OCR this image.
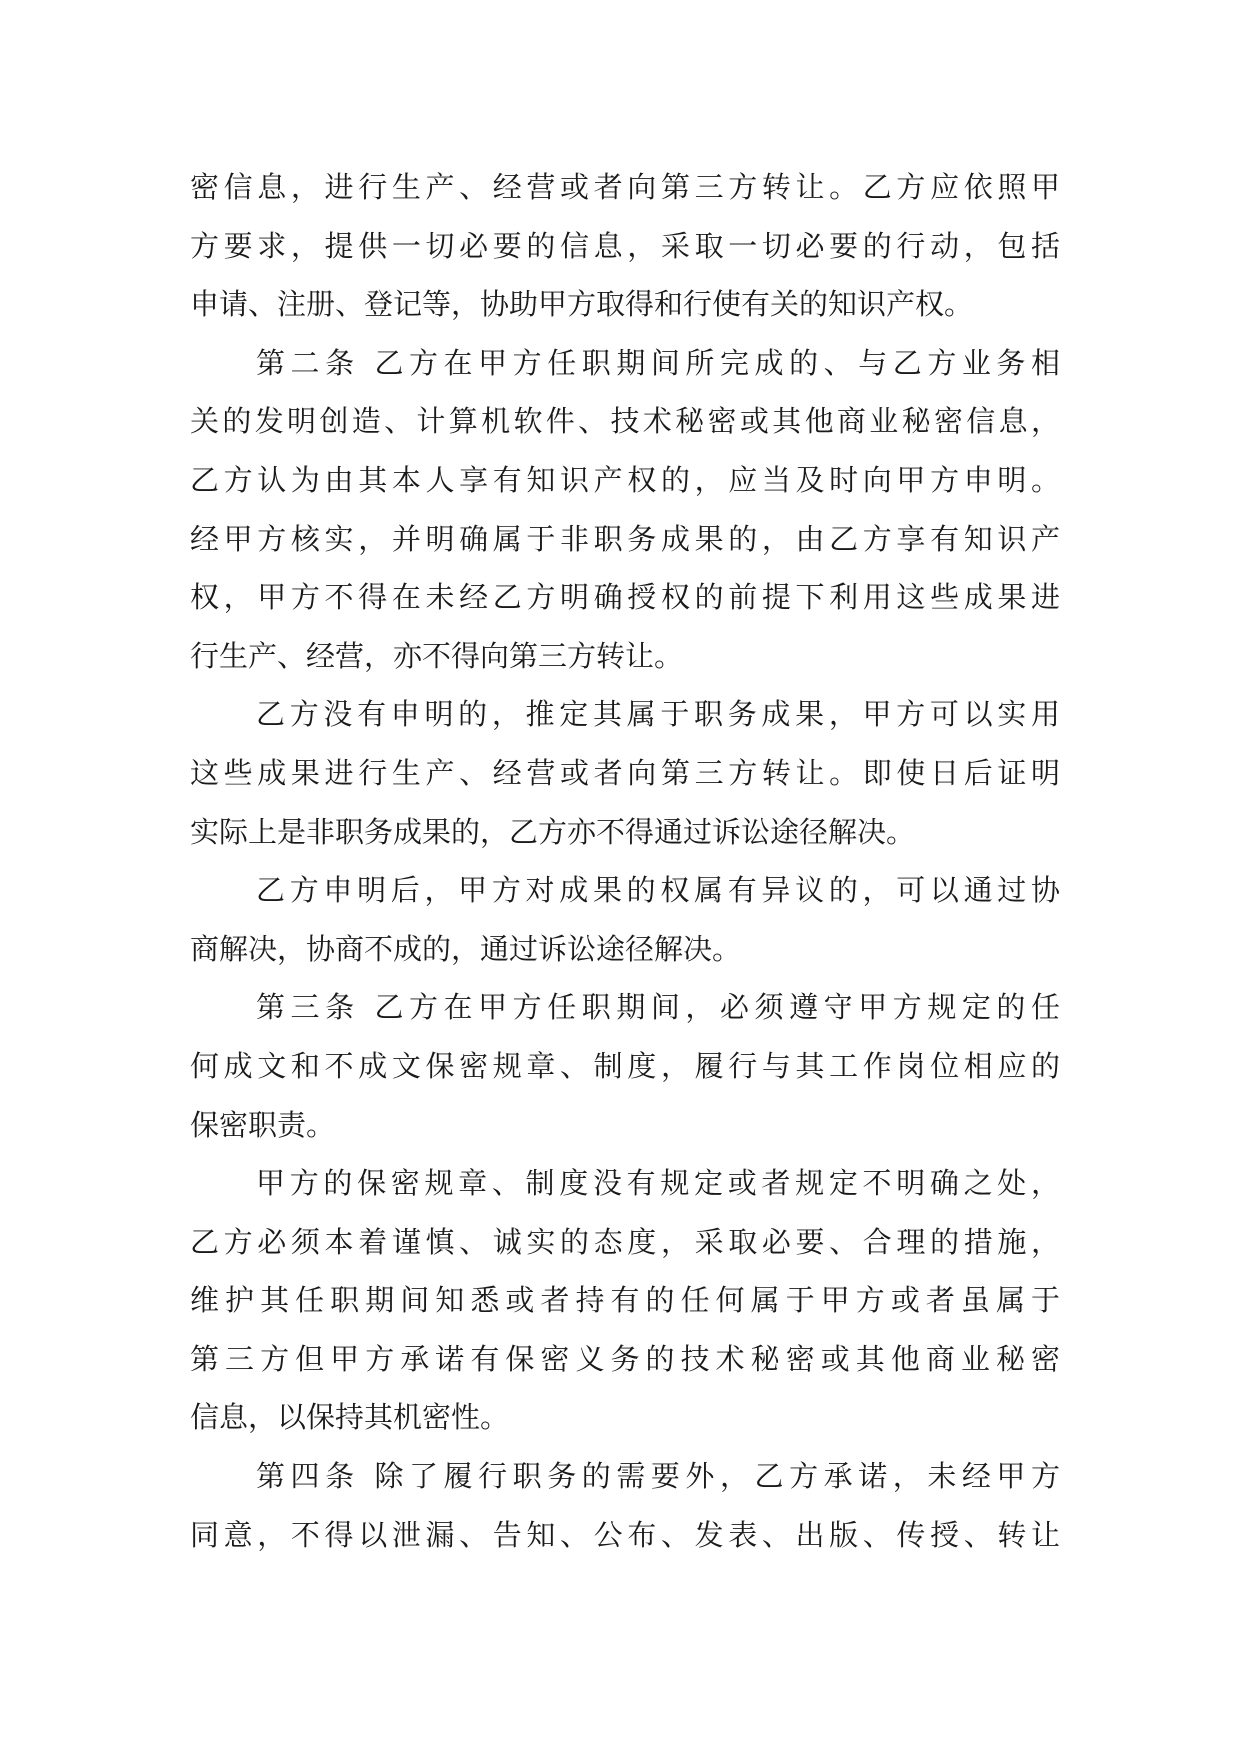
密信息，进行生产、经营或者向第三方转让。乙方应依照甲
方要求，提供一切必要的信息，采取一切必要的行动，包括
申请、注册、登记等，协助甲方取得和行使有关的知识产权。
第二条 乙方在甲方任职期间所完成的、与乙方业务相
关的发明创造、计算机软件、技术秘密或其他商业秘密信息，
乙方认为由其本人享有知识产权的，应当及时向甲方申明。
经甲方核实，并明确属于非职务成果的，由乙方享有知识产
权，甲方不得在未经乙方明确授权的前提下利用这些成果进
行生产、经营，亦不得向第三方转让。
乙方没有申明的，推定其属于职务成果，甲方可以实用
这些成果进行生产、经营或者向第三方转让。即使日后证明
实际上是非职务成果的，乙方亦不得通过诉讼途径解决。
乙方申明后，甲方对成果的权属有异议的，可以通过协
商解决，协商不成的，通过诉讼途径解决。
第三条 乙方在甲方任职期间，必须遵守甲方规定的任
何成文和不成文保密规章、制度，履行与其工作岗位相应的
保密职责。
甲方的保密规章、制度没有规定或者规定不明确之处，
乙方必须本着谨慎、诚实的态度，采取必要、合理的措施，
维护其任职期间知悉或者持有的任何属于甲方或者虽属于
第三方但甲方承诺有保密义务的技术秘密或其他商业秘密
信息，以保持其机密性。
第四条 除了履行职务的需要外，乙方承诺，未经甲方
同意，不得以泄漏、告知、公布、发表、出版、传授、转让
